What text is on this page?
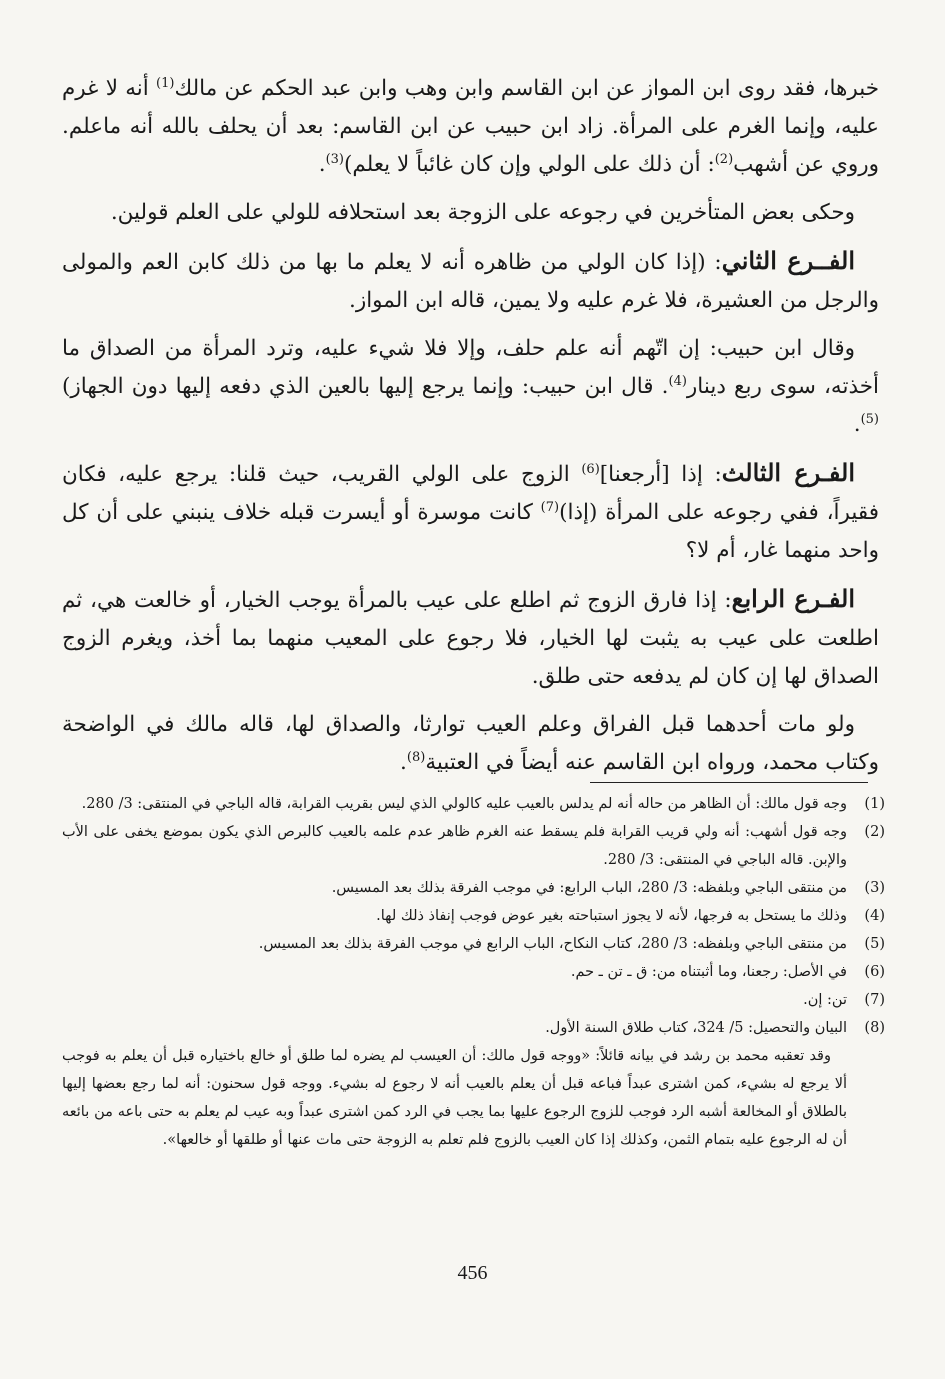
خبرها، فقد روى ابن المواز عن ابن القاسم وابن وهب وابن عبد الحكم عن مالك$^{(1)}$ أنه لا غرم عليه، وإنما الغرم على المرأة. زاد ابن حبيب عن ابن القاسم: بعد أن يحلف بالله أنه ماعلم. وروي عن أشهب$^{(2)}$: أن ذلك على الولي وإن كان غائباً لا يعلم)$^{(3)}$.

وحكى بعض المتأخرين في رجوعه على الزوجة بعد استحلافه للولي على العلم قولين.

الفــرع الثاني: (إذا كان الولي من ظاهره أنه لا يعلم ما بها من ذلك كابن العم والمولى والرجل من العشيرة، فلا غرم عليه ولا يمين، قاله ابن المواز.

وقال ابن حبيب: إن اتّهم أنه علم حلف، وإلا فلا شيء عليه، وترد المرأة من الصداق ما أخذته، سوى ربع دينار$^{(4)}$. قال ابن حبيب: وإنما يرجع إليها بالعين الذي دفعه إليها دون الجهاز)$^{(5)}$.

الفـرع الثالث: إذا [أرجعنا]$^{(6)}$ الزوج على الولي القريب، حيث قلنا: يرجع عليه، فكان فقيراً، ففي رجوعه على المرأة (إذا)$^{(7)}$ كانت موسرة أو أيسرت قبله خلاف ينبني على أن كل واحد منهما غار، أم لا؟

الفـرع الرابع: إذا فارق الزوج ثم اطلع على عيب بالمرأة يوجب الخيار، أو خالعت هي، ثم اطلعت على عيب به يثبت لها الخيار، فلا رجوع على المعيب منهما بما أخذ، ويغرم الزوج الصداق لها إن كان لم يدفعه حتى طلق.

ولو مات أحدهما قبل الفراق وعلم العيب توارثا، والصداق لها، قاله مالك في الواضحة وكتاب محمد، ورواه ابن القاسم عنه أيضاً في العتبية$^{(8)}$.

(1)
وجه قول مالك: أن الظاهر من حاله أنه لم يدلس بالعيب عليه كالولي الذي ليس بقريب القرابة، قاله الباجي في المنتقى: 3/ 280.
(2)
وجه قول أشهب: أنه ولي قريب القرابة فلم يسقط عنه الغرم ظاهر عدم علمه بالعيب كالبرص الذي يكون بموضع يخفى على الأب والإبن. قاله الباجي في المنتقى: 3/ 280.
(3)
من منتقى الباجي وبلفظه: 3/ 280، الباب الرابع: في موجب الفرقة بذلك بعد المسيس.
(4)
وذلك ما يستحل به فرجها، لأنه لا يجوز استباحته بغير عوض فوجب إنفاذ ذلك لها.
(5)
من منتقى الباجي وبلفظه: 3/ 280، كتاب النكاح، الباب الرابع في موجب الفرقة بذلك بعد المسيس.
(6)
في الأصل: رجعنا، وما أثبتناه من: ق ـ تن ـ حم.
(7)
تن: إن.
(8)
البيان والتحصيل: 5/ 324، كتاب طلاق السنة الأول.
وقد تعقبه محمد بن رشد في بيانه قائلاً: «ووجه قول مالك: أن العيسب لم يضره لما طلق أو خالع باختياره قبل أن يعلم به فوجب ألا يرجع له بشيء، كمن اشترى عبداً فباعه قبل أن يعلم بالعيب أنه لا رجوع له بشيء. ووجه قول سحنون: أنه لما رجع بعضها إليها بالطلاق أو المخالعة أشبه الرد فوجب للزوج الرجوع عليها بما يجب في الرد كمن اشترى عبداً وبه عيب لم يعلم به حتى باعه من بائعه أن له الرجوع عليه بتمام الثمن، وكذلك إذا كان العيب بالزوج فلم تعلم به الزوجة حتى مات عنها أو طلقها أو خالعها».
456
